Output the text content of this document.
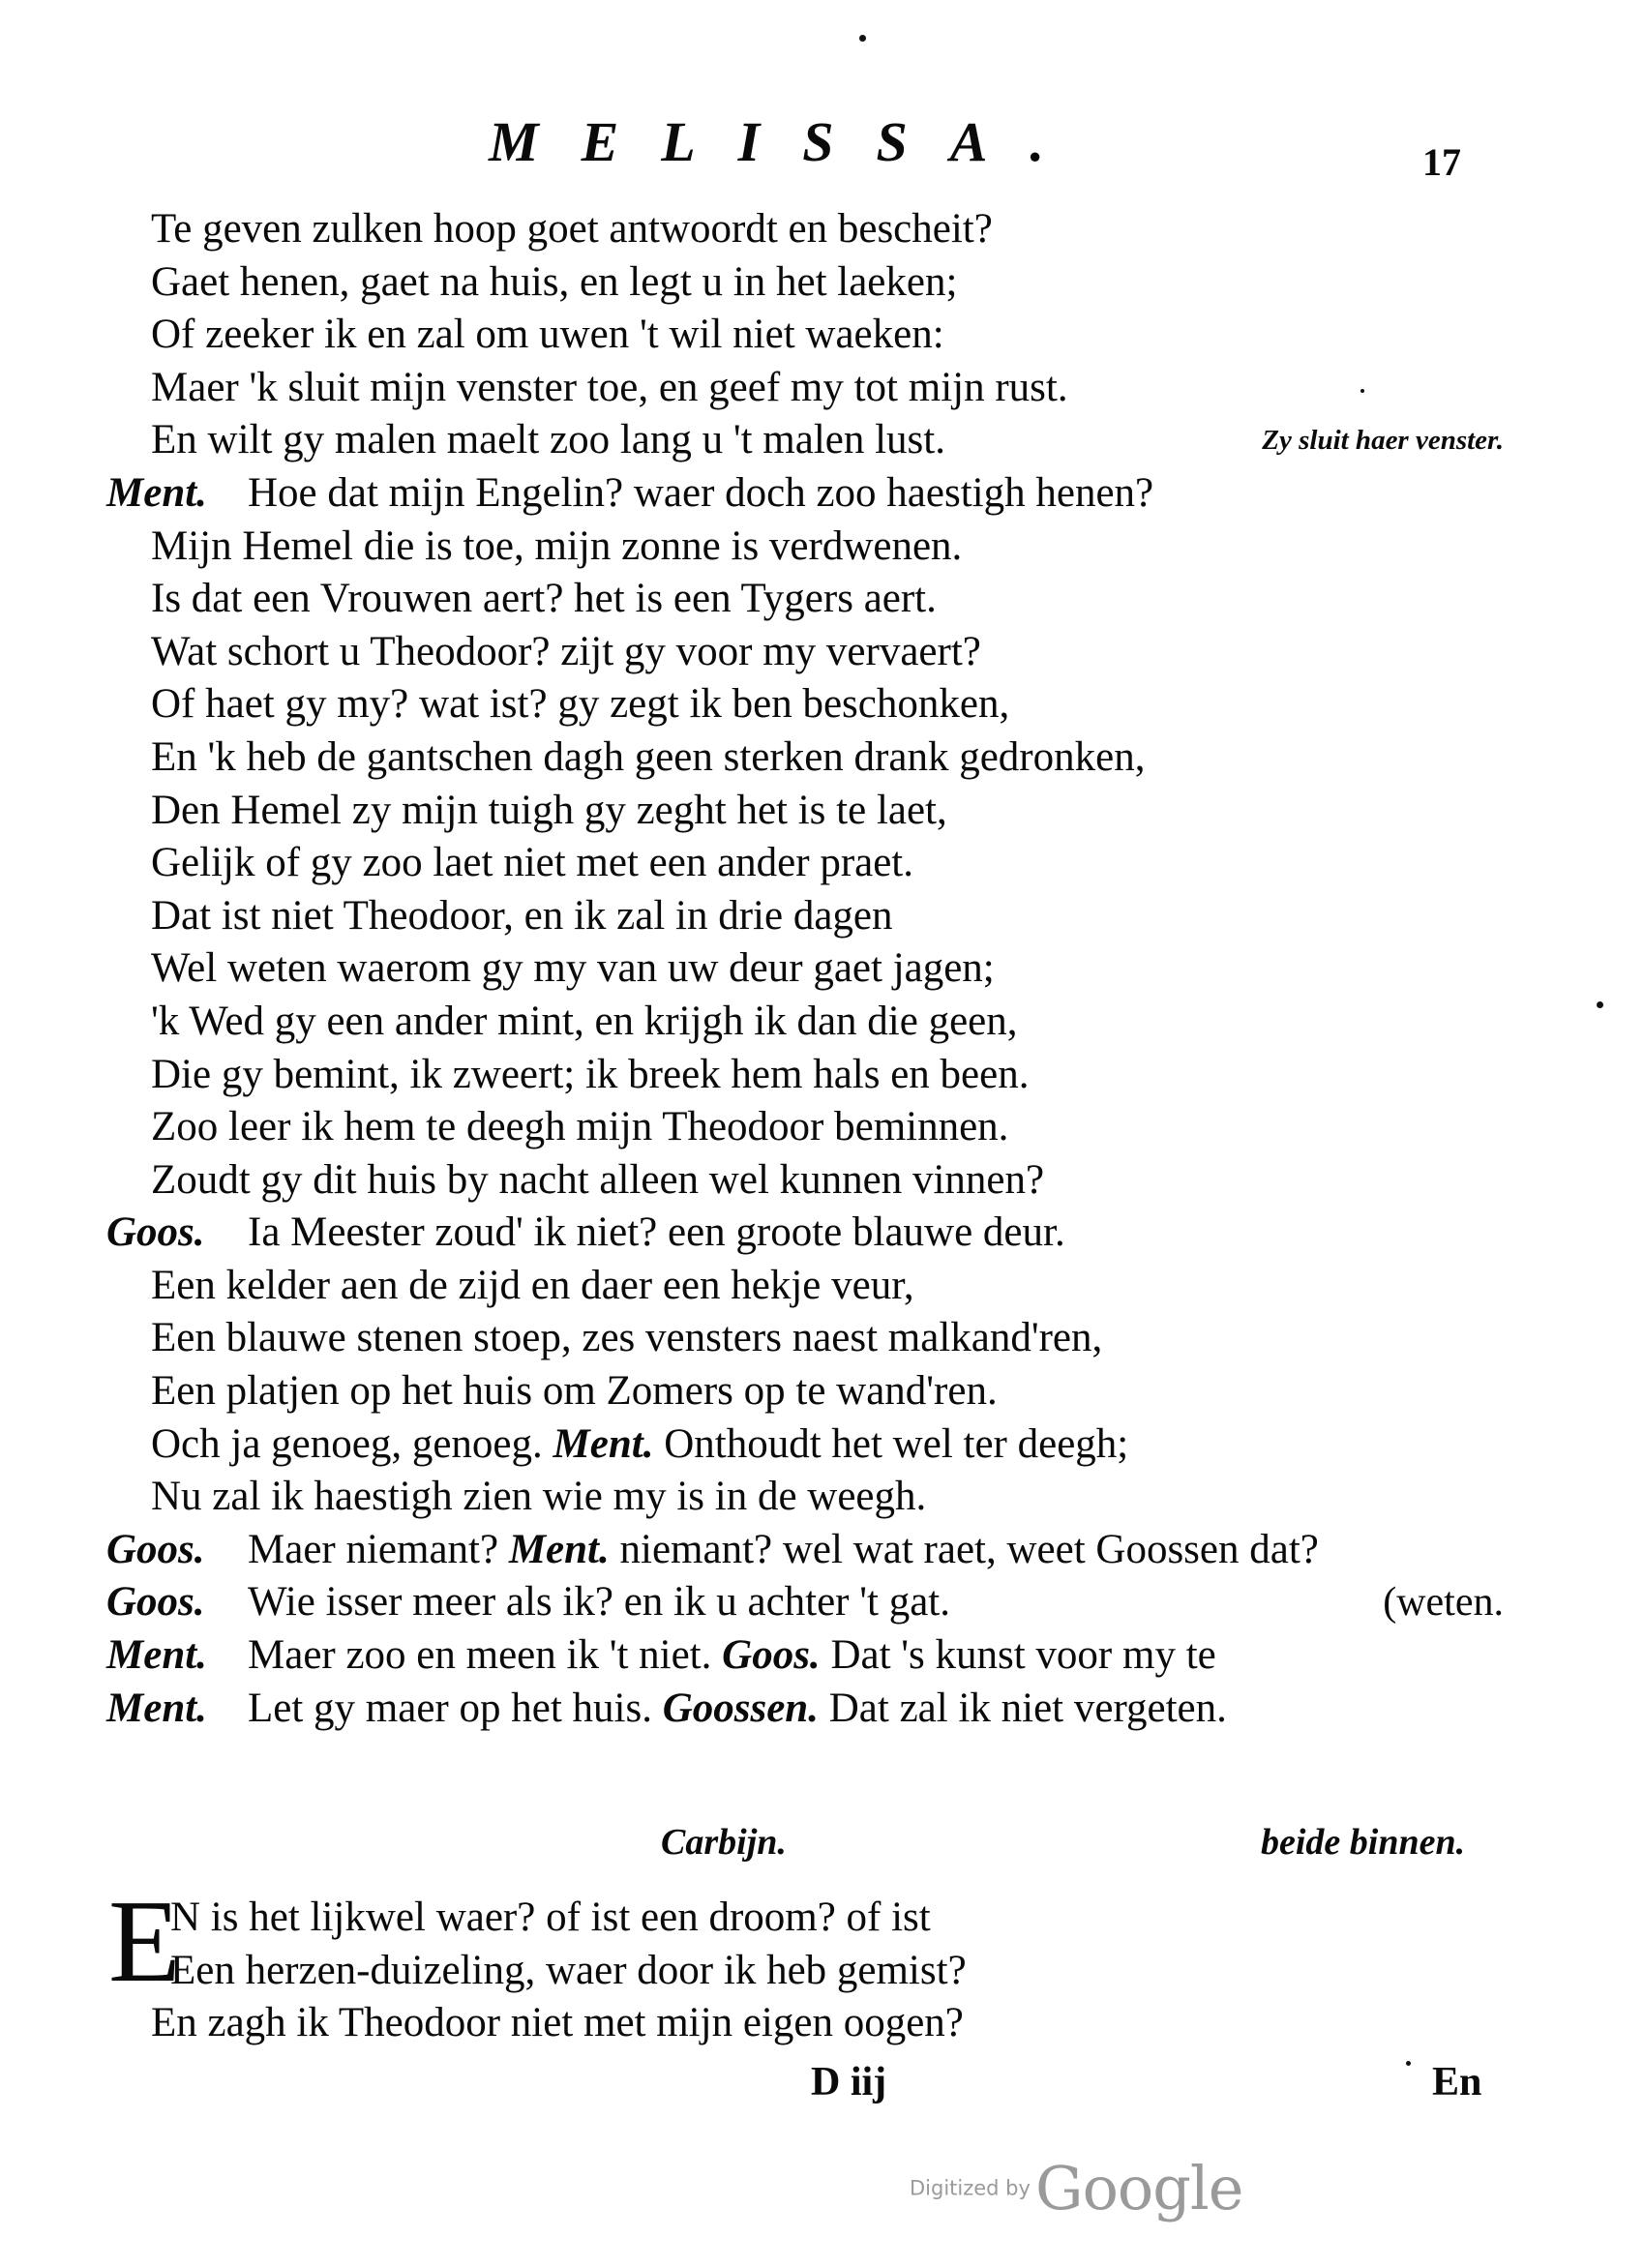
MELISSA.	17
Te geven zulken hoop goet antwoordt en bescheit?
Gaet henen, gaet na huis, en legt u in het laeken;
Of zeeker ik en zal om uwen 't wil niet waeken:
Maer 'k sluit mijn venster toe, en geef my tot mijn rust.
En wilt gy malen maelt zoo lang u 't malen lust.	Zy sluit haer venster.
Ment. Hoe dat mijn Engelin? waer doch zoo haestigh henen?
Mijn Hemel die is toe, mijn zonne is verdwenen.
Is dat een Vrouwen aert? het is een Tygers aert.
Wat schort u Theodoor? zijt gy voor my vervaert?
Of haet gy my? wat ist? gy zegt ik ben beschonken,
En 'k heb de gantschen dagh geen sterken drank gedronken,
Den Hemel zy mijn tuigh gy zeght het is te laet,
Gelijk of gy zoo laet niet met een ander praet.
Dat ist niet Theodoor, en ik zal in drie dagen
Wel weten waerom gy my van uw deur gaet jagen;
'k Wed gy een ander mint, en krijgh ik dan die geen,
Die gy bemint, ik zweert; ik breek hem hals en been.
Zoo leer ik hem te deegh mijn Theodoor beminnen.
Zoudt gy dit huis by nacht alleen wel kunnen vinnen?
Goos. Ia Meester zoud' ik niet? een groote blauwe deur.
Een kelder aen de zijd en daer een hekje veur,
Een blauwe stenen stoep, zes vensters naest malkand'ren,
Een platjen op het huis om Zomers op te wand'ren.
Och ja genoeg, genoeg. Ment. Onthoudt het wel ter deegh;
Nu zal ik haestigh zien wie my is in de weegh.
Goos. Maer niemant? Ment. niemant? wel wat raet, weet Goossen dat?
Goos. Wie isser meer als ik? en ik u achter 't gat.	(weten.
Ment. Maer zoo en meen ik 't niet. Goos. Dat 's kunst voor my te
Ment. Let gy maer op het huis. Goossen. Dat zal ik niet vergeten.
Carbijn.	beide binnen.
E
N is het lijkwel waer? of ist een droom? of ist
Een herzen-duizeling, waer door ik heb gemist?
En zagh ik Theodoor niet met mijn eigen oogen?
D iij	En
Digitized by Google
